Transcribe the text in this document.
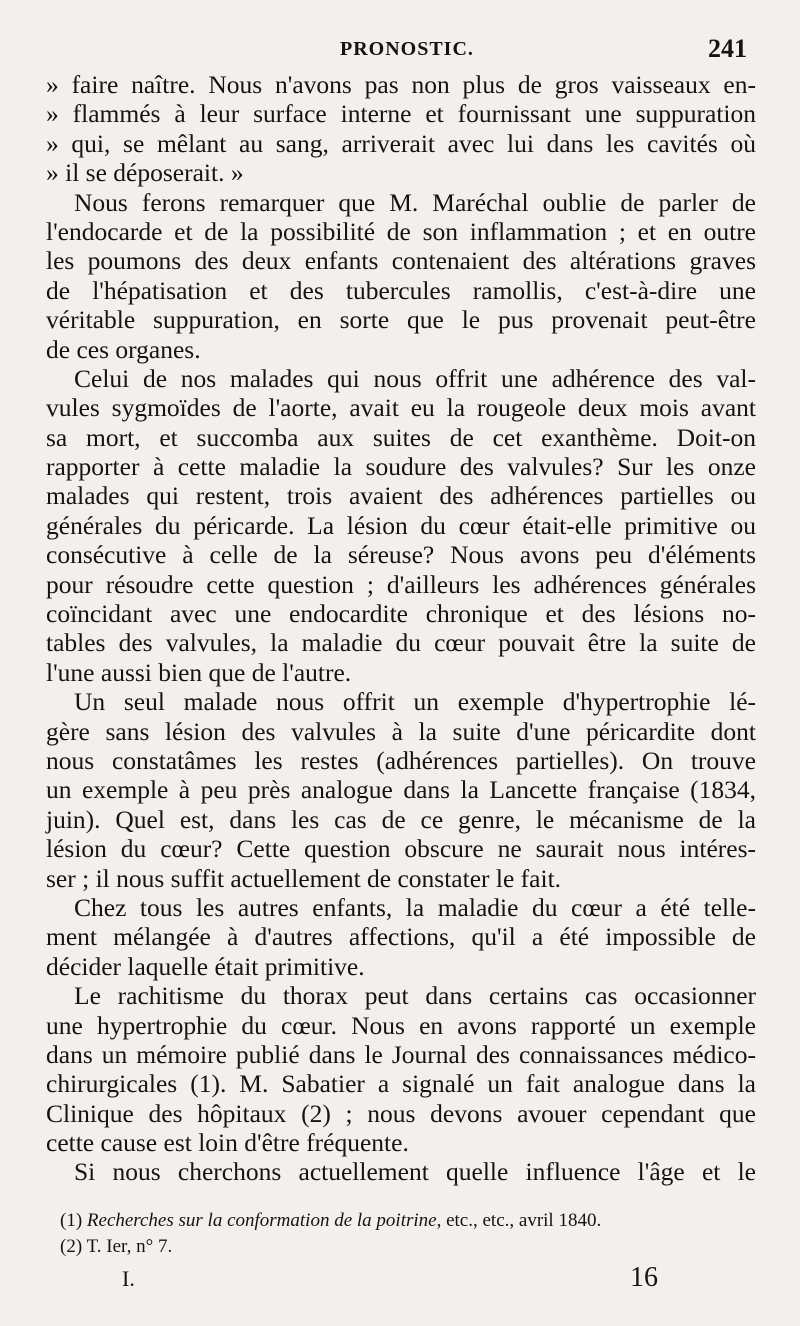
PRONOSTIC.	241
» faire naître. Nous n'avons pas non plus de gros vaisseaux en-
» flammés à leur surface interne et fournissant une suppuration
» qui, se mêlant au sang, arriverait avec lui dans les cavités où
» il se déposerait. »
Nous ferons remarquer que M. Maréchal oublie de parler de
l'endocarde et de la possibilité de son inflammation ; et en outre
les poumons des deux enfants contenaient des altérations graves
de l'hépatisation et des tubercules ramollis, c'est-à-dire une
véritable suppuration, en sorte que le pus provenait peut-être
de ces organes.
Celui de nos malades qui nous offrit une adhérence des val-
vules sygmoïdes de l'aorte, avait eu la rougeole deux mois avant
sa mort, et succomba aux suites de cet exanthème. Doit-on
rapporter à cette maladie la soudure des valvules? Sur les onze
malades qui restent, trois avaient des adhérences partielles ou
générales du péricarde. La lésion du cœur était-elle primitive ou
consécutive à celle de la séreuse? Nous avons peu d'éléments
pour résoudre cette question ; d'ailleurs les adhérences générales
coïncidant avec une endocardite chronique et des lésions no-
tables des valvules, la maladie du cœur pouvait être la suite de
l'une aussi bien que de l'autre.
Un seul malade nous offrit un exemple d'hypertrophie lé-
gère sans lésion des valvules à la suite d'une péricardite dont
nous constatâmes les restes (adhérences partielles). On trouve
un exemple à peu près analogue dans la Lancette française (1834,
juin). Quel est, dans les cas de ce genre, le mécanisme de la
lésion du cœur? Cette question obscure ne saurait nous intéres-
ser ; il nous suffit actuellement de constater le fait.
Chez tous les autres enfants, la maladie du cœur a été telle-
ment mélangée à d'autres affections, qu'il a été impossible de
décider laquelle était primitive.
Le rachitisme du thorax peut dans certains cas occasionner
une hypertrophie du cœur. Nous en avons rapporté un exemple
dans un mémoire publié dans le Journal des connaissances médico-
chirurgicales (1). M. Sabatier a signalé un fait analogue dans la
Clinique des hôpitaux (2) ; nous devons avouer cependant que
cette cause est loin d'être fréquente.
Si nous cherchons actuellement quelle influence l'âge et le
(1) Recherches sur la conformation de la poitrine, etc., etc., avril 1840.
(2) T. Ier, n° 7.
I.	16
